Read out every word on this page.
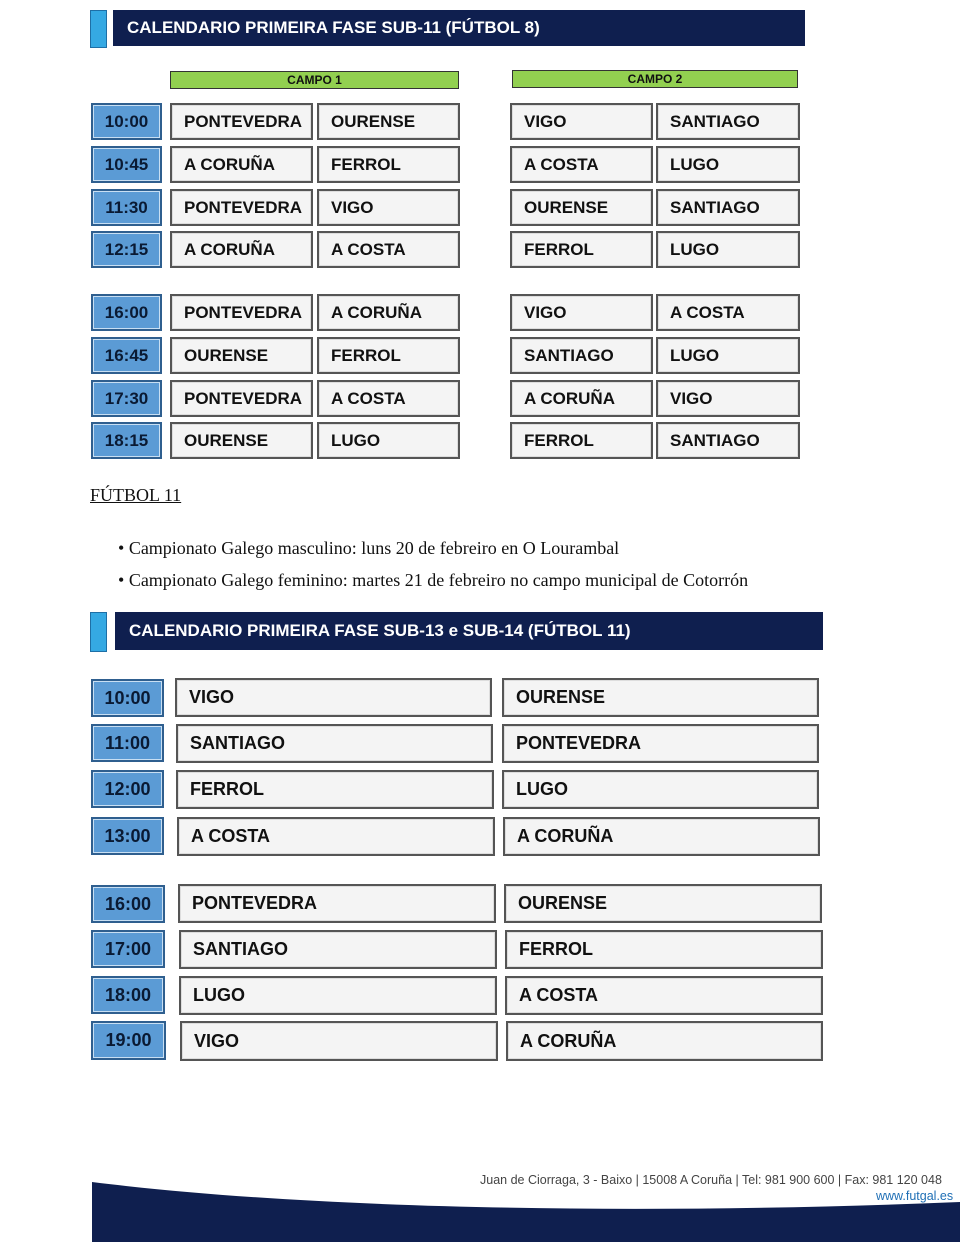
CALENDARIO PRIMEIRA FASE SUB-11 (FÚTBOL 8)
CAMPO 1	CAMPO 2
10:00	PONTEVEDRA	OURENSE	VIGO	SANTIAGO
10:45	A CORUÑA	FERROL	A COSTA	LUGO
11:30	PONTEVEDRA	VIGO	OURENSE	SANTIAGO
12:15	A CORUÑA	A COSTA	FERROL	LUGO
16:00	PONTEVEDRA	A CORUÑA	VIGO	A COSTA
16:45	OURENSE	FERROL	SANTIAGO	LUGO
17:30	PONTEVEDRA	A COSTA	A CORUÑA	VIGO
18:15	OURENSE	LUGO	FERROL	SANTIAGO
FÚTBOL 11
• Campionato Galego masculino: luns 20 de febreiro en O Lourambal
• Campionato Galego feminino: martes 21 de febreiro no campo municipal de Cotorrón
CALENDARIO PRIMEIRA FASE SUB-13 e SUB-14 (FÚTBOL 11)
10:00	VIGO	OURENSE
11:00	SANTIAGO	PONTEVEDRA
12:00	FERROL	LUGO
13:00	A COSTA	A CORUÑA
16:00	PONTEVEDRA	OURENSE
17:00	SANTIAGO	FERROL
18:00	LUGO	A COSTA
19:00	VIGO	A CORUÑA
Juan de Ciorraga, 3 - Baixo | 15008 A Coruña | Tel: 981 900 600 | Fax: 981 120 048
www.futgal.es
